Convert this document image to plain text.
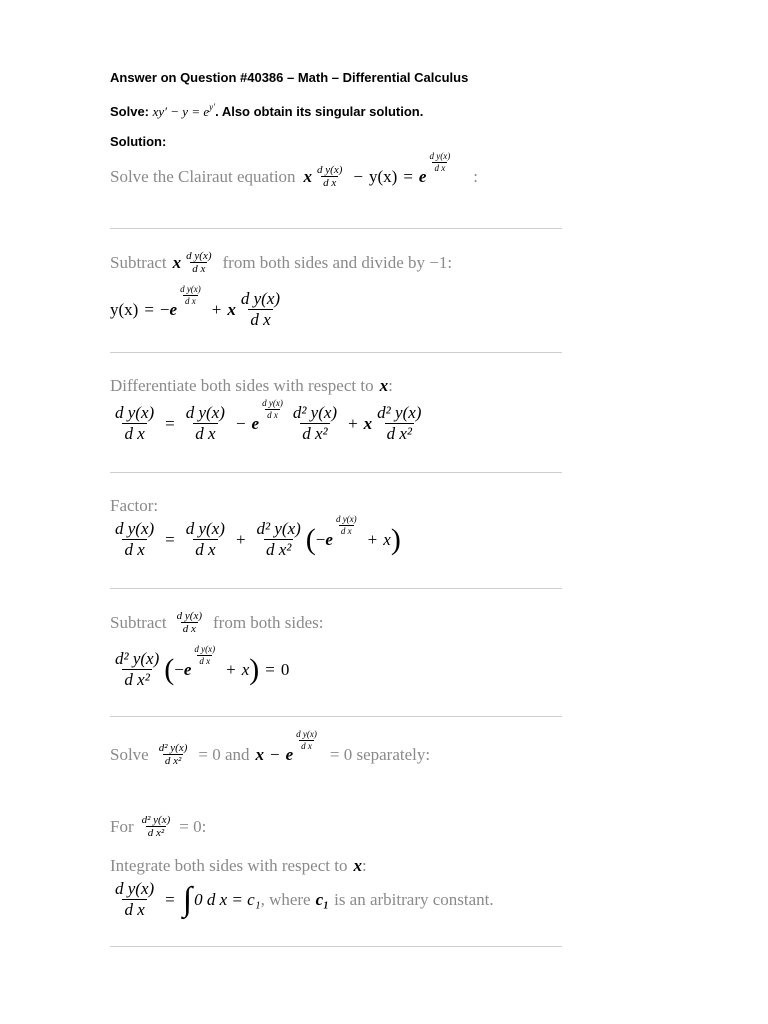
Answer on Question #40386 – Math – Differential Calculus
Solve: $xy' - y = e^{y'}$. Also obtain its singular solution.
Solution:
Solve the Clairaut equation x $\frac{\text{d y(x)}}{\text{d x}} - y(x) = e$
$\frac{\text{d y(x)}}{\text{d x}}$
:
Subtract x $\frac{\text{d y(x)}}{\text{d x}}$ from both sides and divide by −1:
y(x) = − e
$\frac{\text{d y(x)}}{\text{d x}}$
+ x $\frac{\text{d y(x)}}{\text{d x}}$
Differentiate both sides with respect to x :
$\frac{\text{d y(x)}}{\text{d x}} = \frac{\text{d y(x)}}{\text{d x}} - e$
$\frac{\text{d y(x)}}{\text{d x}} \frac{\text{d² y(x)}}{\text{d x²}} + x \frac{\text{d² y(x)}}{\text{d x²}}$
Factor:
$\frac{\text{d y(x)}}{\text{d x}} = \frac{\text{d y(x)}}{\text{d x}} + \frac{\text{d² y(x)}}{\text{d x²}}$ ( − e
$\frac{\text{d y(x)}}{\text{d x}}$
+ x )
Subtract $\frac{\text{d y(x)}}{\text{d x}}$ from both sides:
$\frac{\text{d² y(x)}}{\text{d x²}}$ ( − e
$\frac{\text{d y(x)}}{\text{d x}}$
+ x ) = 0
Solve $\frac{\text{d² y(x)}}{\text{d x²}} = 0$ and x − e
$\frac{\text{d y(x)}}{\text{d x}}$
= 0 separately:
For $\frac{\text{d² y(x)}}{\text{d x²}} = 0$:
Integrate both sides with respect to x :
$\frac{\text{d y(x)}}{\text{d x}}$ = ∫ 0 d x = c₁ , where c₁ is an arbitrary constant.
